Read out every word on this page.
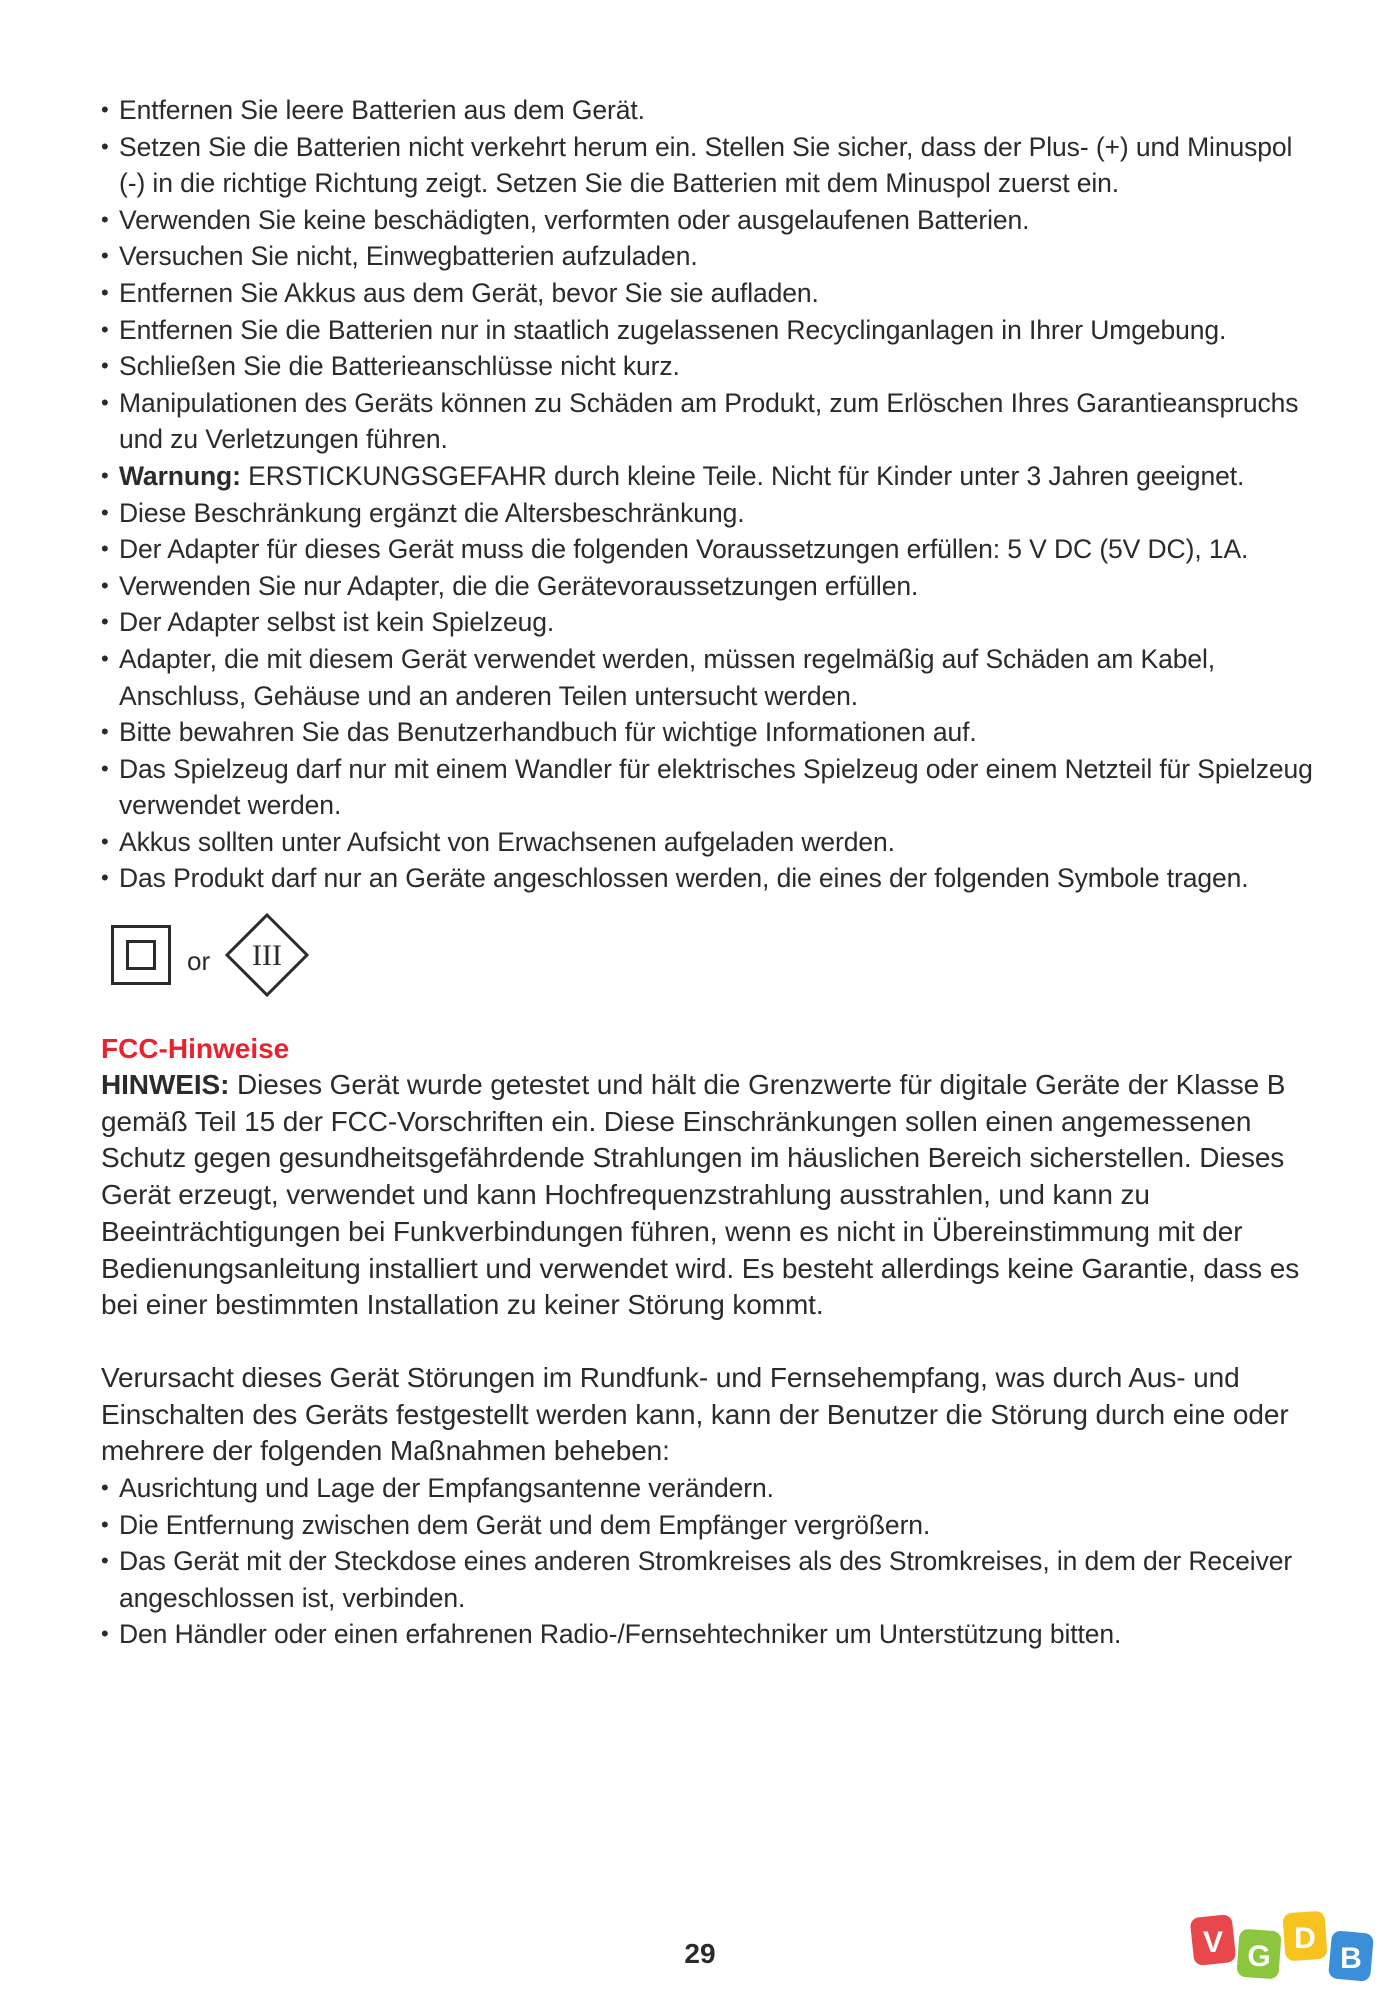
• Entfernen Sie leere Batterien aus dem Gerät.
• Setzen Sie die Batterien nicht verkehrt herum ein. Stellen Sie sicher, dass der Plus- (+) und Minuspol (-) in die richtige Richtung zeigt. Setzen Sie die Batterien mit dem Minuspol zuerst ein.
• Verwenden Sie keine beschädigten, verformten oder ausgelaufenen Batterien.
• Versuchen Sie nicht, Einwegbatterien aufzuladen.
• Entfernen Sie Akkus aus dem Gerät, bevor Sie sie aufladen.
• Entfernen Sie die Batterien nur in staatlich zugelassenen Recyclinganlagen in Ihrer Umgebung.
• Schließen Sie die Batterieanschlüsse nicht kurz.
• Manipulationen des Geräts können zu Schäden am Produkt, zum Erlöschen Ihres Garantieanspruchs und zu Verletzungen führen.
• Warnung: ERSTICKUNGSGEFAHR durch kleine Teile. Nicht für Kinder unter 3 Jahren geeignet.
• Diese Beschränkung ergänzt die Altersbeschränkung.
• Der Adapter für dieses Gerät muss die folgenden Voraussetzungen erfüllen: 5 V DC (5V DC), 1A.
• Verwenden Sie nur Adapter, die die Gerätevoraussetzungen erfüllen.
• Der Adapter selbst ist kein Spielzeug.
• Adapter, die mit diesem Gerät verwendet werden, müssen regelmäßig auf Schäden am Kabel, Anschluss, Gehäuse und an anderen Teilen untersucht werden.
• Bitte bewahren Sie das Benutzerhandbuch für wichtige Informationen auf.
• Das Spielzeug darf nur mit einem Wandler für elektrisches Spielzeug oder einem Netzteil für Spielzeug verwendet werden.
• Akkus sollten unter Aufsicht von Erwachsenen aufgeladen werden.
• Das Produkt darf nur an Geräte angeschlossen werden, die eines der folgenden Symbole tragen.
or III
FCC-Hinweise

HINWEIS: Dieses Gerät wurde getestet und hält die Grenzwerte für digitale Geräte der Klasse B gemäß Teil 15 der FCC-Vorschriften ein. Diese Einschränkungen sollen einen angemessenen Schutz gegen gesundheitsgefährdende Strahlungen im häuslichen Bereich sicherstellen. Dieses Gerät erzeugt, verwendet und kann Hochfrequenzstrahlung ausstrahlen, und kann zu Beeinträchtigungen bei Funkverbindungen führen, wenn es nicht in Übereinstimmung mit der Bedienungsanleitung installiert und verwendet wird. Es besteht allerdings keine Garantie, dass es bei einer bestimmten Installation zu keiner Störung kommt.

Verursacht dieses Gerät Störungen im Rundfunk- und Fernsehempfang, was durch Aus- und Einschalten des Geräts festgestellt werden kann, kann der Benutzer die Störung durch eine oder mehrere der folgenden Maßnahmen beheben:

• Ausrichtung und Lage der Empfangsantenne verändern.
• Die Entfernung zwischen dem Gerät und dem Empfänger vergrößern.
• Das Gerät mit der Steckdose eines anderen Stromkreises als des Stromkreises, in dem der Receiver angeschlossen ist, verbinden.
• Den Händler oder einen erfahrenen Radio-/Fernsehtechniker um Unterstützung bitten.
29	V G
D
B
